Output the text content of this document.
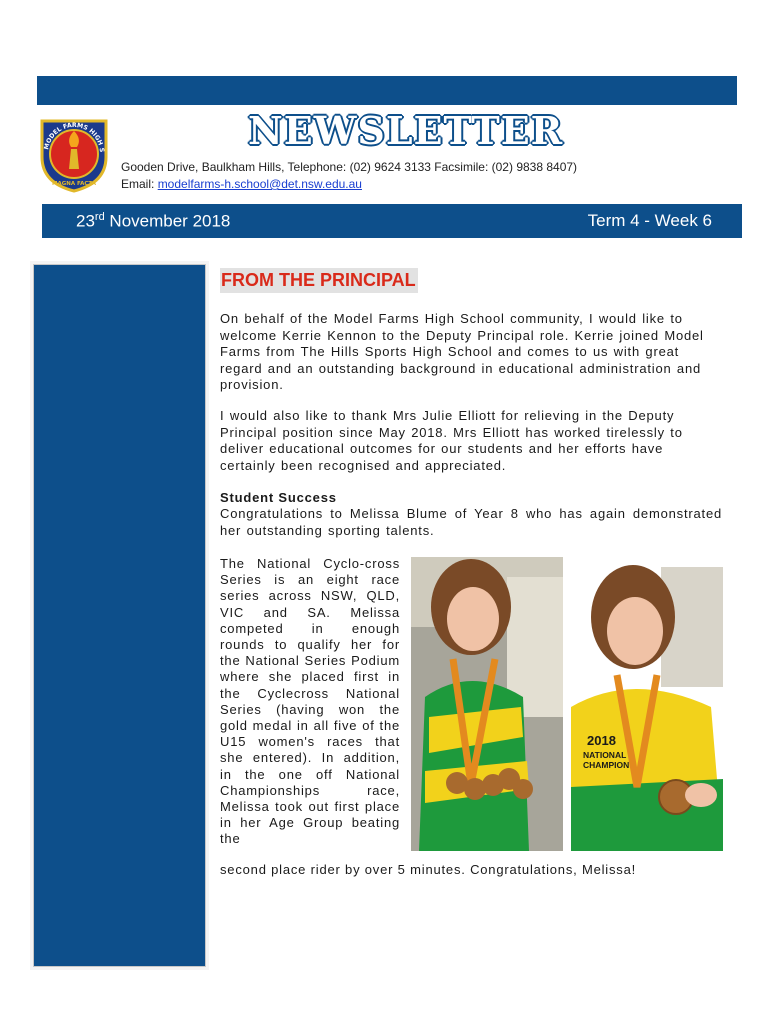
MODEL FARMS HIGH S
MAGNA FACTA
NEWSLETTER
Gooden Drive, Baulkham Hills, Telephone: (02) 9624 3133 Facsimile: (02) 9838 8407)
Email: modelfarms-h.school@det.nsw.edu.au
23rd November 2018	Term 4 - Week 6
FROM THE PRINCIPAL

On behalf of the Model Farms High School community, I would like to welcome Kerrie Kennon to the Deputy Principal role. Kerrie joined Model Farms from The Hills Sports High School and comes to us with great regard and an outstanding background in educational administration and provision.

I would also like to thank Mrs Julie Elliott for relieving in the Deputy Principal position since May 2018. Mrs Elliott has worked tirelessly to deliver educational outcomes for our students and her efforts have certainly been recognised and appreciated.

Student Success

Congratulations to Melissa Blume of Year 8 who has again demonstrated her outstanding sporting talents.

The National Cyclo-cross Series is an eight race series across NSW, QLD, VIC and SA. Melissa competed in enough rounds to qualify her for the National Series Podium where she placed first in the Cyclecross National Series (having won the gold medal in all five of the U15 women's races that she entered). In addition, in the one off National Championships race, Melissa took out first place in her Age Group beating the

second place rider by over 5 minutes. Congratulations, Melissa!

2018
NATIONAL
CHAMPION
